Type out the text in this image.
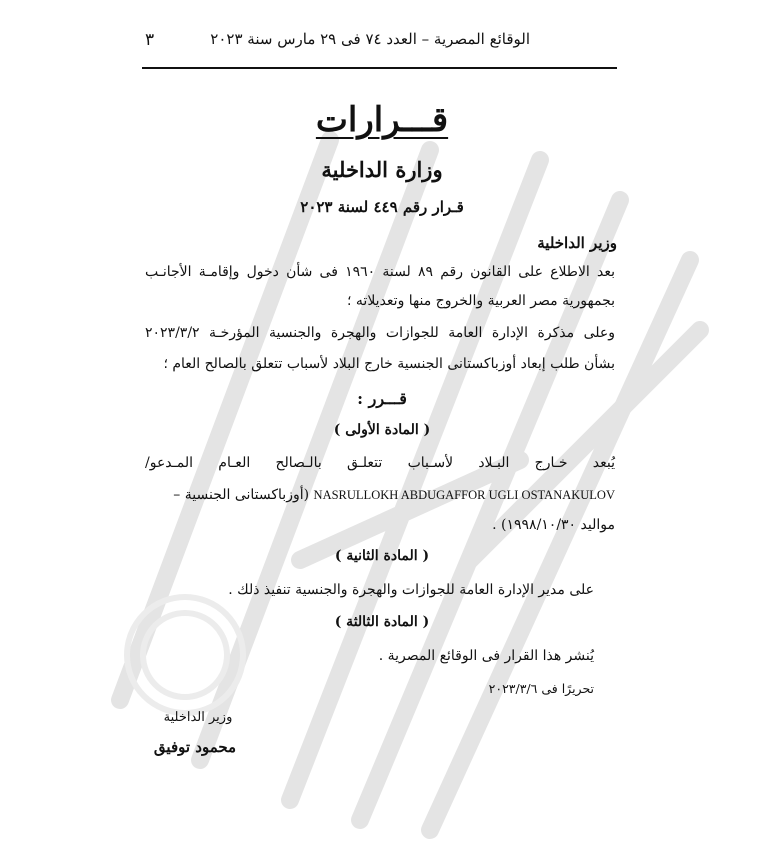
الوقائع المصرية – العدد ٧٤ فى ٢٩ مارس سنة ٢٠٢٣
٣
قـــرارات
وزارة الداخلية
قـرار رقم ٤٤٩ لسنة ٢٠٢٣
وزير الداخلية
بعد الاطلاع على القانون رقم ٨٩ لسنة ١٩٦٠ فى شأن دخول وإقامـة الأجانـب
بجمهورية مصر العربية والخروج منها وتعديلاته ؛
وعلى مذكرة الإدارة العامة للجوازات والهجرة والجنسية المؤرخـة ٢٠٢٣/٣/٢
بشأن طلب إبعاد أوزباكستانى الجنسية خارج البلاد لأسباب تتعلق بالصالح العام ؛
قـــرر :
( المادة الأولى )
يُبعد خـارج البـلاد لأسـباب تتعلـق بالـصالح العـام المـدعو/
NASRULLOKH ABDUGAFFOR UGLI OSTANAKULOV (أوزباكستانى الجنسية –
مواليد ١٩٩٨/١٠/٣٠) .
( المادة الثانية )
على مدير الإدارة العامة للجوازات والهجرة والجنسية تنفيذ ذلك .
( المادة الثالثة )
يُنشر هذا القرار فى الوقائع المصرية .
تحريرًا فى ٢٠٢٣/٣/٦
وزير الداخلية
محمود توفيق
